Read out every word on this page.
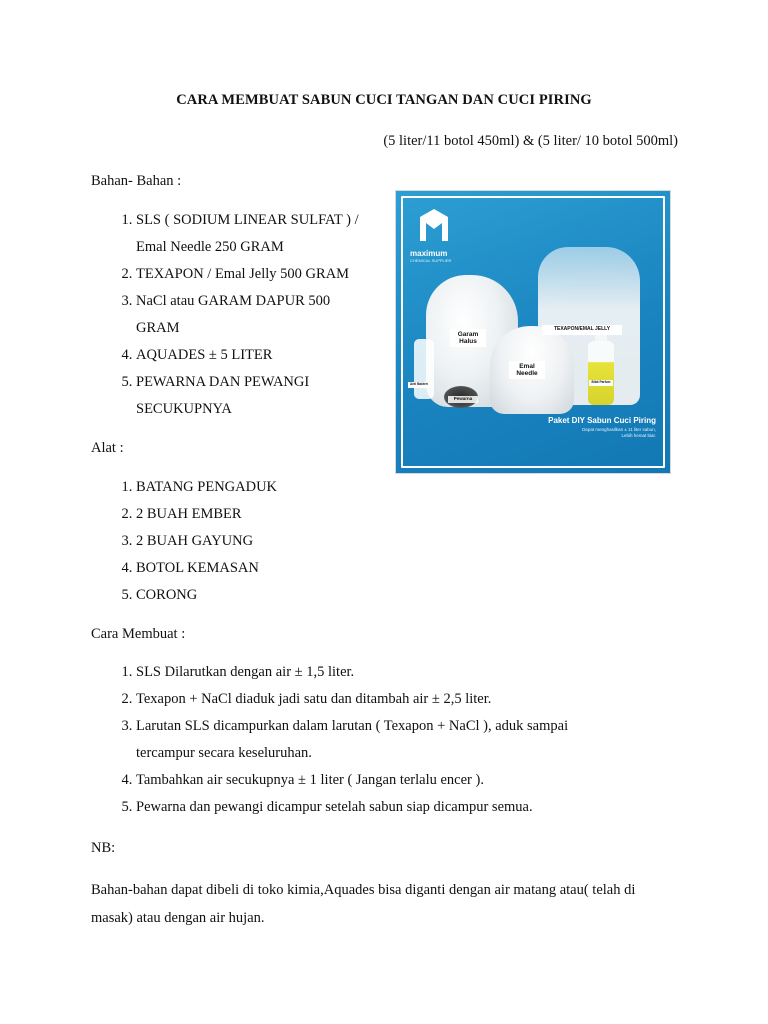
CARA MEMBUAT SABUN CUCI TANGAN DAN CUCI PIRING
(5 liter/11 botol 450ml) & (5 liter/ 10 botol 500ml)
Bahan- Bahan :
1. SLS ( SODIUM LINEAR SULFAT ) /
Emal Needle 250 GRAM
2. TEXAPON / Emal Jelly 500 GRAM
3. NaCl atau GARAM DAPUR 500
GRAM
4. AQUADES ± 5 LITER
5. PEWARNA DAN PEWANGI
SECUKUPNYA
maximum
CHEMICAL SUPPLIER
Garam Halus
TEXAPON/EMAL JELLY
Emal Needle
Anti Bakteri	Bibit Parfum
Pewarna
Paket DIY Sabun Cuci Piring
Dapat menghasilkan ± 11 liter sabun,
Lebih hemat biar.
Alat :
1. BATANG PENGADUK
2. 2 BUAH EMBER
3. 2 BUAH GAYUNG
4. BOTOL KEMASAN
5. CORONG
Cara Membuat :
1. SLS Dilarutkan dengan air ± 1,5 liter.
2. Texapon + NaCl diaduk jadi satu dan ditambah air ± 2,5 liter.
3. Larutan SLS dicampurkan dalam larutan ( Texapon + NaCl ), aduk sampai
tercampur secara keseluruhan.
4. Tambahkan air secukupnya ± 1 liter ( Jangan terlalu encer ).
5. Pewarna dan pewangi dicampur setelah sabun siap dicampur semua.
NB:
Bahan-bahan dapat dibeli di toko kimia,Aquades bisa diganti dengan air matang atau( telah di
masak) atau dengan air hujan.
